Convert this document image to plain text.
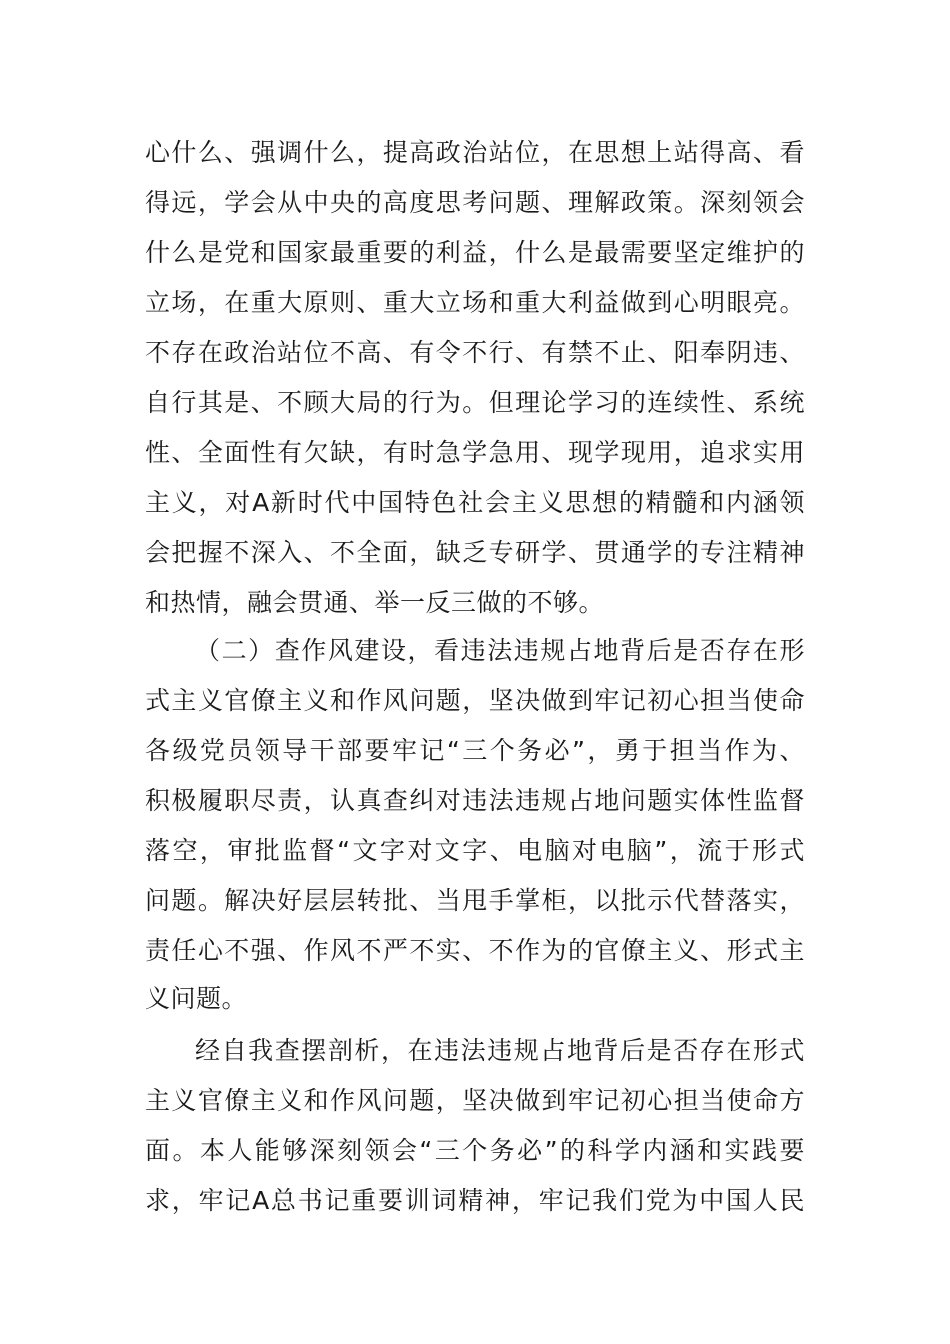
心什么、强调什么，提高政治站位，在思想上站得高、看
得远，学会从中央的高度思考问题、理解政策。深刻领会
什么是党和国家最重要的利益，什么是最需要坚定维护的
立场，在重大原则、重大立场和重大利益做到心明眼亮。
不存在政治站位不高、有令不行、有禁不止、阳奉阴违、
自行其是、不顾大局的行为。但理论学习的连续性、系统
性、全面性有欠缺，有时急学急用、现学现用，追求实用
主义，对A新时代中国特色社会主义思想的精髓和内涵领
会把握不深入、不全面，缺乏专研学、贯通学的专注精神
和热情，融会贯通、举一反三做的不够。
（二）查作风建设，看违法违规占地背后是否存在形
式主义官僚主义和作风问题，坚决做到牢记初心担当使命
各级党员领导干部要牢记“三个务必”，勇于担当作为、
积极履职尽责，认真查纠对违法违规占地问题实体性监督
落空，审批监督“文字对文字、电脑对电脑”，流于形式
问题。解决好层层转批、当甩手掌柜，以批示代替落实，
责任心不强、作风不严不实、不作为的官僚主义、形式主
义问题。
经自我查摆剖析，在违法违规占地背后是否存在形式
主义官僚主义和作风问题，坚决做到牢记初心担当使命方
面。本人能够深刻领会“三个务必”的科学内涵和实践要
求，牢记A总书记重要训词精神，牢记我们党为中国人民
